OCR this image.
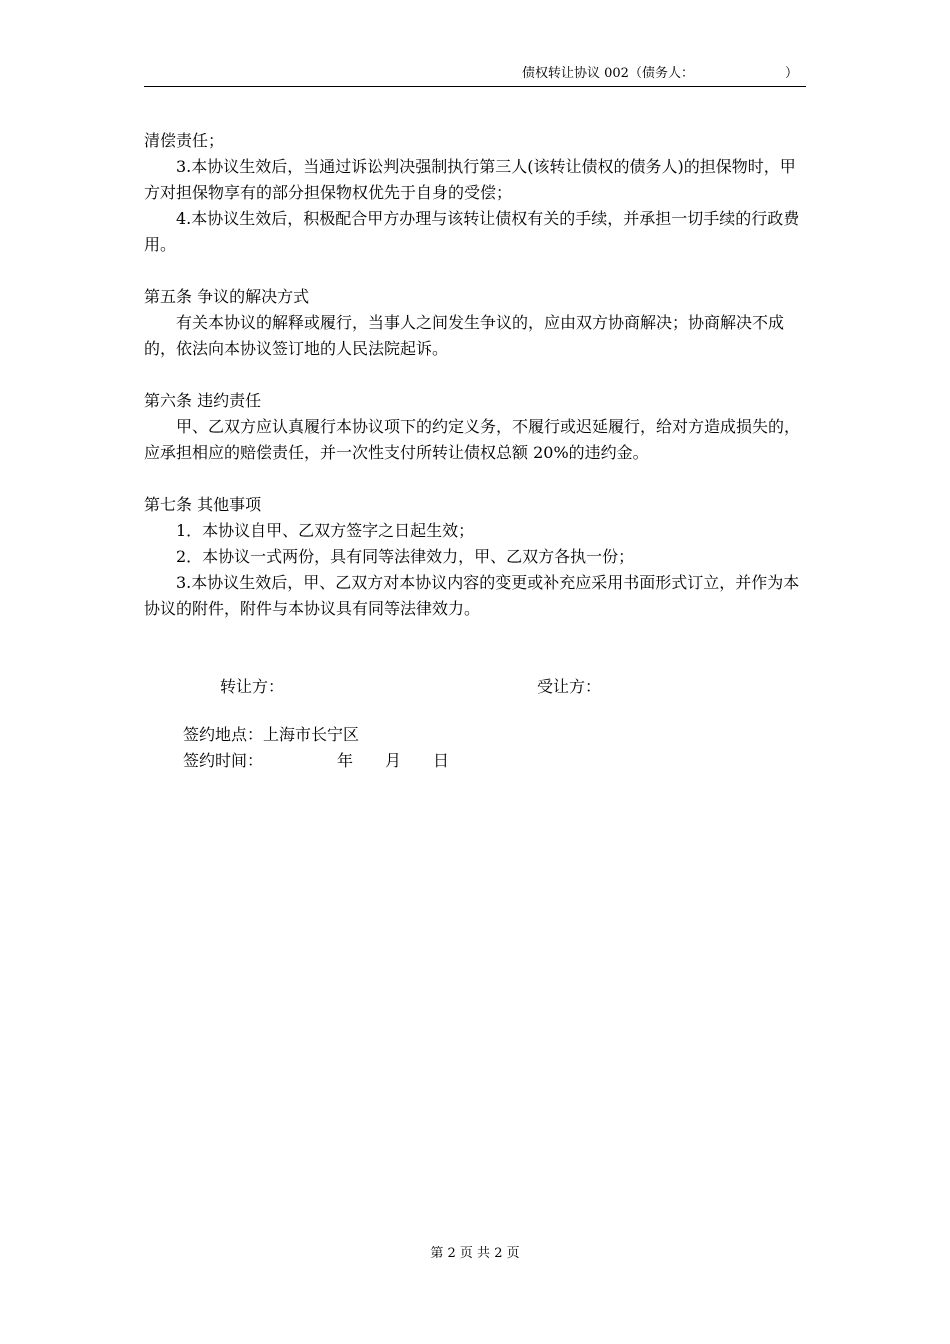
债权转让协议 002（债务人：	）

清偿责任；

3.本协议生效后，当通过诉讼判决强制执行第三人(该转让债权的债务人)的担保物时，甲方对担保物享有的部分担保物权优先于自身的受偿；

4.本协议生效后，积极配合甲方办理与该转让债权有关的手续，并承担一切手续的行政费用。

第五条 争议的解决方式

有关本协议的解释或履行，当事人之间发生争议的，应由双方协商解决；协商解决不成的，依法向本协议签订地的人民法院起诉。

第六条 违约责任

甲、乙双方应认真履行本协议项下的约定义务，不履行或迟延履行，给对方造成损失的，应承担相应的赔偿责任，并一次性支付所转让债权总额 20%的违约金。

第七条 其他事项

1．本协议自甲、乙双方签字之日起生效；

2．本协议一式两份，具有同等法律效力，甲、乙双方各执一份；

3.本协议生效后，甲、乙双方对本协议内容的变更或补充应采用书面形式订立，并作为本协议的附件，附件与本协议具有同等法律效力。

转让方：	受让方：
签约地点：上海市长宁区
签约时间：	年 月 日
第 2 页 共 2 页
